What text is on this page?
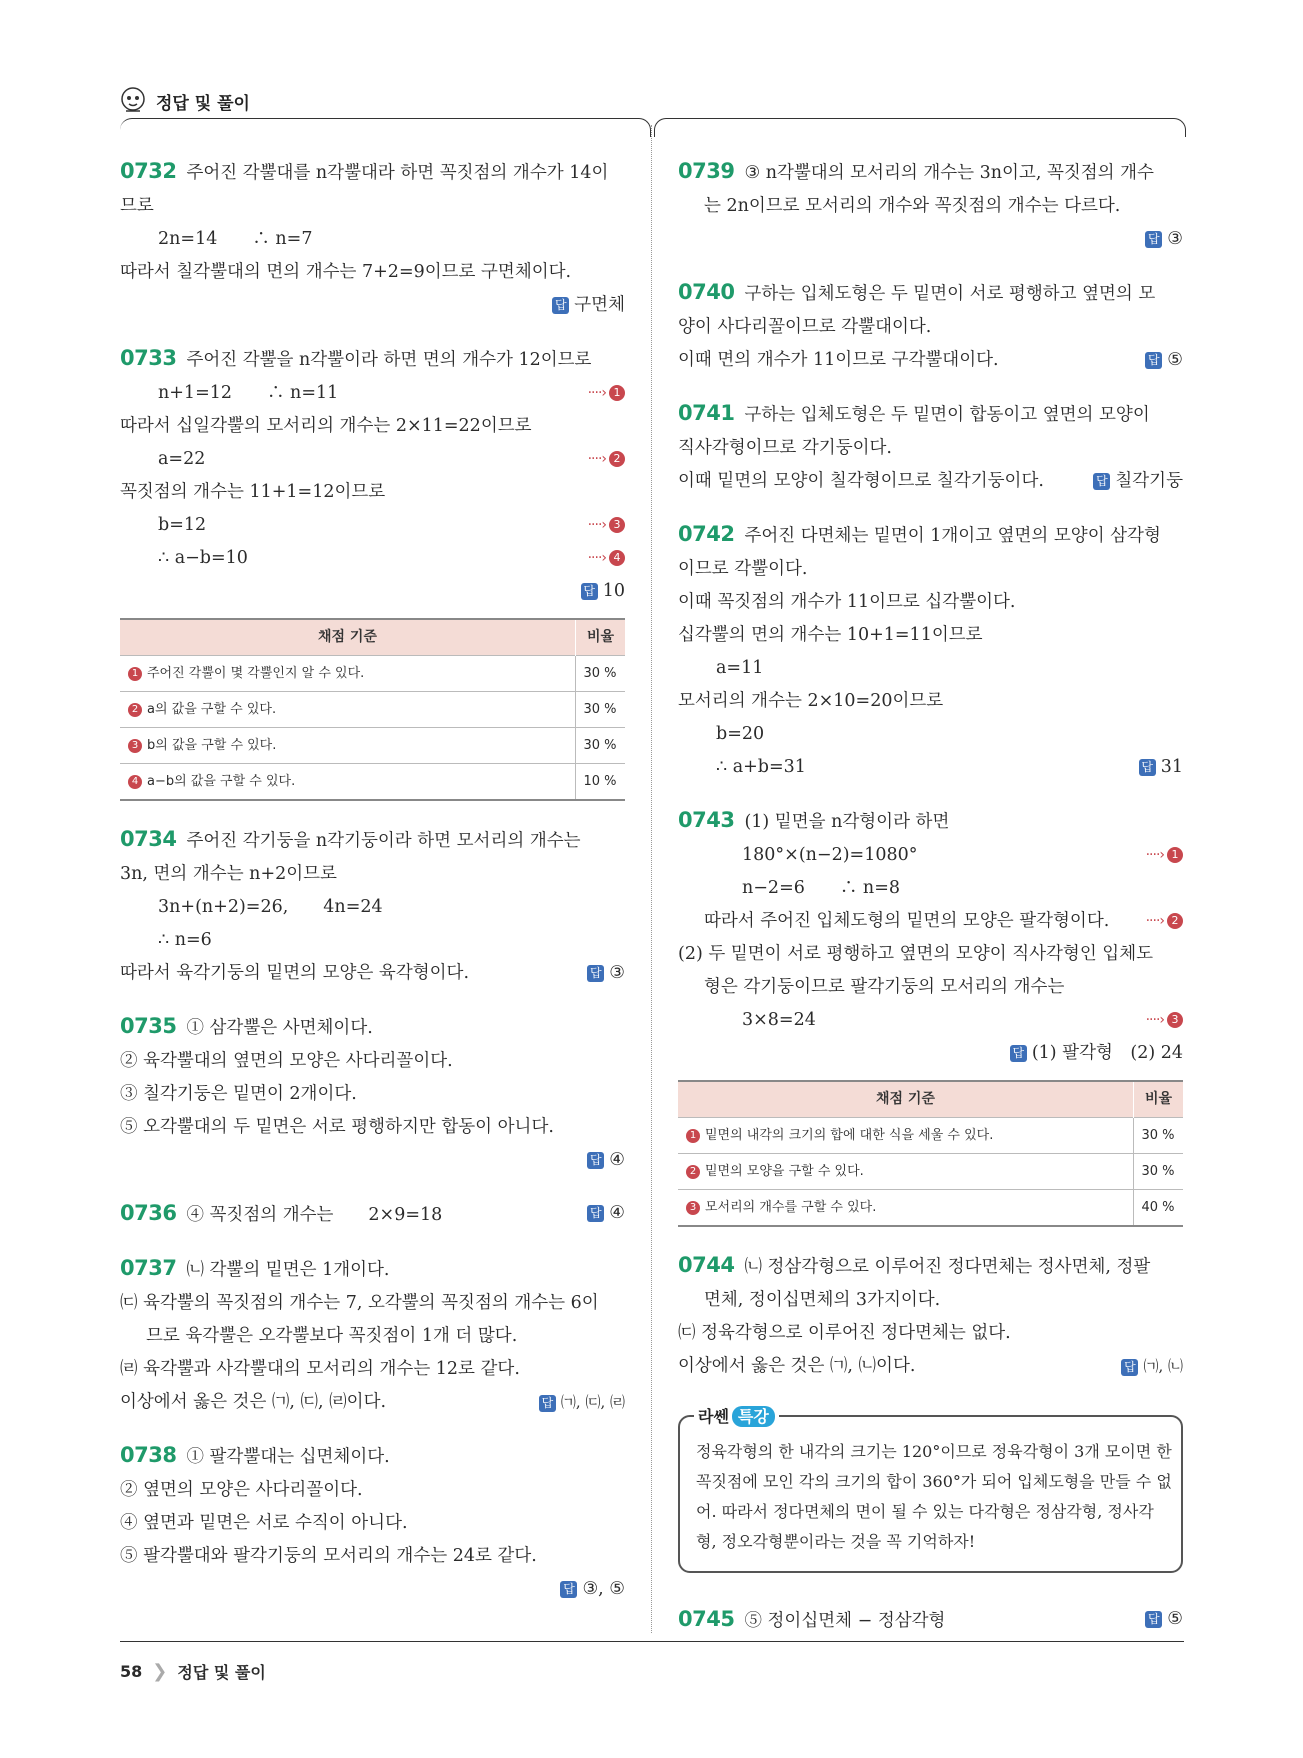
정답 및 풀이
0732 주어진 각뿔대를 n각뿔대라 하면 꼭짓점의 개수가 14이
므로
2n=14　　∴ n=7
따라서 칠각뿔대의 면의 개수는 7+2=9이므로 구면체이다.
답 구면체
0733 주어진 각뿔을 n각뿔이라 하면 면의 개수가 12이므로
n+1=12　　∴ n=11	····› 1
따라서 십일각뿔의 모서리의 개수는 2×11=22이므로
a=22	····› 2
꼭짓점의 개수는 11+1=12이므로
b=12	····› 3
∴ a−b=10	····› 4
답 10
채점 기준	비율
1 주어진 각뿔이 몇 각뿔인지 알 수 있다.	30 %
2 a의 값을 구할 수 있다.	30 %
3 b의 값을 구할 수 있다.	30 %
4 a−b의 값을 구할 수 있다.	10 %
0734 주어진 각기둥을 n각기둥이라 하면 모서리의 개수는
3n, 면의 개수는 n+2이므로
3n+(n+2)=26,　　4n=24
∴ n=6
따라서 육각기둥의 밑면의 모양은 육각형이다.	답 ③
0735 ① 삼각뿔은 사면체이다.
② 육각뿔대의 옆면의 모양은 사다리꼴이다.
③ 칠각기둥은 밑면이 2개이다.
⑤ 오각뿔대의 두 밑면은 서로 평행하지만 합동이 아니다.
답 ④
0736 ④ 꼭짓점의 개수는　　2×9=18	답 ④
0737 ㈁ 각뿔의 밑면은 1개이다.
㈂ 육각뿔의 꼭짓점의 개수는 7, 오각뿔의 꼭짓점의 개수는 6이
므로 육각뿔은 오각뿔보다 꼭짓점이 1개 더 많다.
㈃ 육각뿔과 사각뿔대의 모서리의 개수는 12로 같다.
이상에서 옳은 것은 ㈀, ㈂, ㈃이다.	답 ㈀, ㈂, ㈃
0738 ① 팔각뿔대는 십면체이다.
② 옆면의 모양은 사다리꼴이다.
④ 옆면과 밑면은 서로 수직이 아니다.
⑤ 팔각뿔대와 팔각기둥의 모서리의 개수는 24로 같다.
답 ③, ⑤
0739 ③ n각뿔대의 모서리의 개수는 3n이고, 꼭짓점의 개수
는 2n이므로 모서리의 개수와 꼭짓점의 개수는 다르다.
답 ③
0740 구하는 입체도형은 두 밑면이 서로 평행하고 옆면의 모
양이 사다리꼴이므로 각뿔대이다.
이때 면의 개수가 11이므로 구각뿔대이다.	답 ⑤
0741 구하는 입체도형은 두 밑면이 합동이고 옆면의 모양이
직사각형이므로 각기둥이다.
이때 밑면의 모양이 칠각형이므로 칠각기둥이다.	답 칠각기둥
0742 주어진 다면체는 밑면이 1개이고 옆면의 모양이 삼각형
이므로 각뿔이다.
이때 꼭짓점의 개수가 11이므로 십각뿔이다.
십각뿔의 면의 개수는 10+1=11이므로
a=11
모서리의 개수는 2×10=20이므로
b=20
∴ a+b=31	답 31
0743 (1) 밑면을 n각형이라 하면
180°×(n−2)=1080°	····› 1
n−2=6　　∴ n=8
따라서 주어진 입체도형의 밑면의 모양은 팔각형이다.	····› 2
(2) 두 밑면이 서로 평행하고 옆면의 모양이 직사각형인 입체도
형은 각기둥이므로 팔각기둥의 모서리의 개수는
3×8=24	····› 3
답 (1) 팔각형　(2) 24
채점 기준	비율
1 밑면의 내각의 크기의 합에 대한 식을 세울 수 있다.	30 %
2 밑면의 모양을 구할 수 있다.	30 %
3 모서리의 개수를 구할 수 있다.	40 %
0744 ㈁ 정삼각형으로 이루어진 정다면체는 정사면체, 정팔
면체, 정이십면체의 3가지이다.
㈂ 정육각형으로 이루어진 정다면체는 없다.
이상에서 옳은 것은 ㈀, ㈁이다.	답 ㈀, ㈁
라쎈 특강
정육각형의 한 내각의 크기는 120°이므로 정육각형이 3개 모이면 한
꼭짓점에 모인 각의 크기의 합이 360°가 되어 입체도형을 만들 수 없
어. 따라서 정다면체의 면이 될 수 있는 다각형은 정삼각형, 정사각
형, 정오각형뿐이라는 것을 꼭 기억하자!
0745 ⑤ 정이십면체 − 정삼각형	답 ⑤
58 ❯ 정답 및 풀이
